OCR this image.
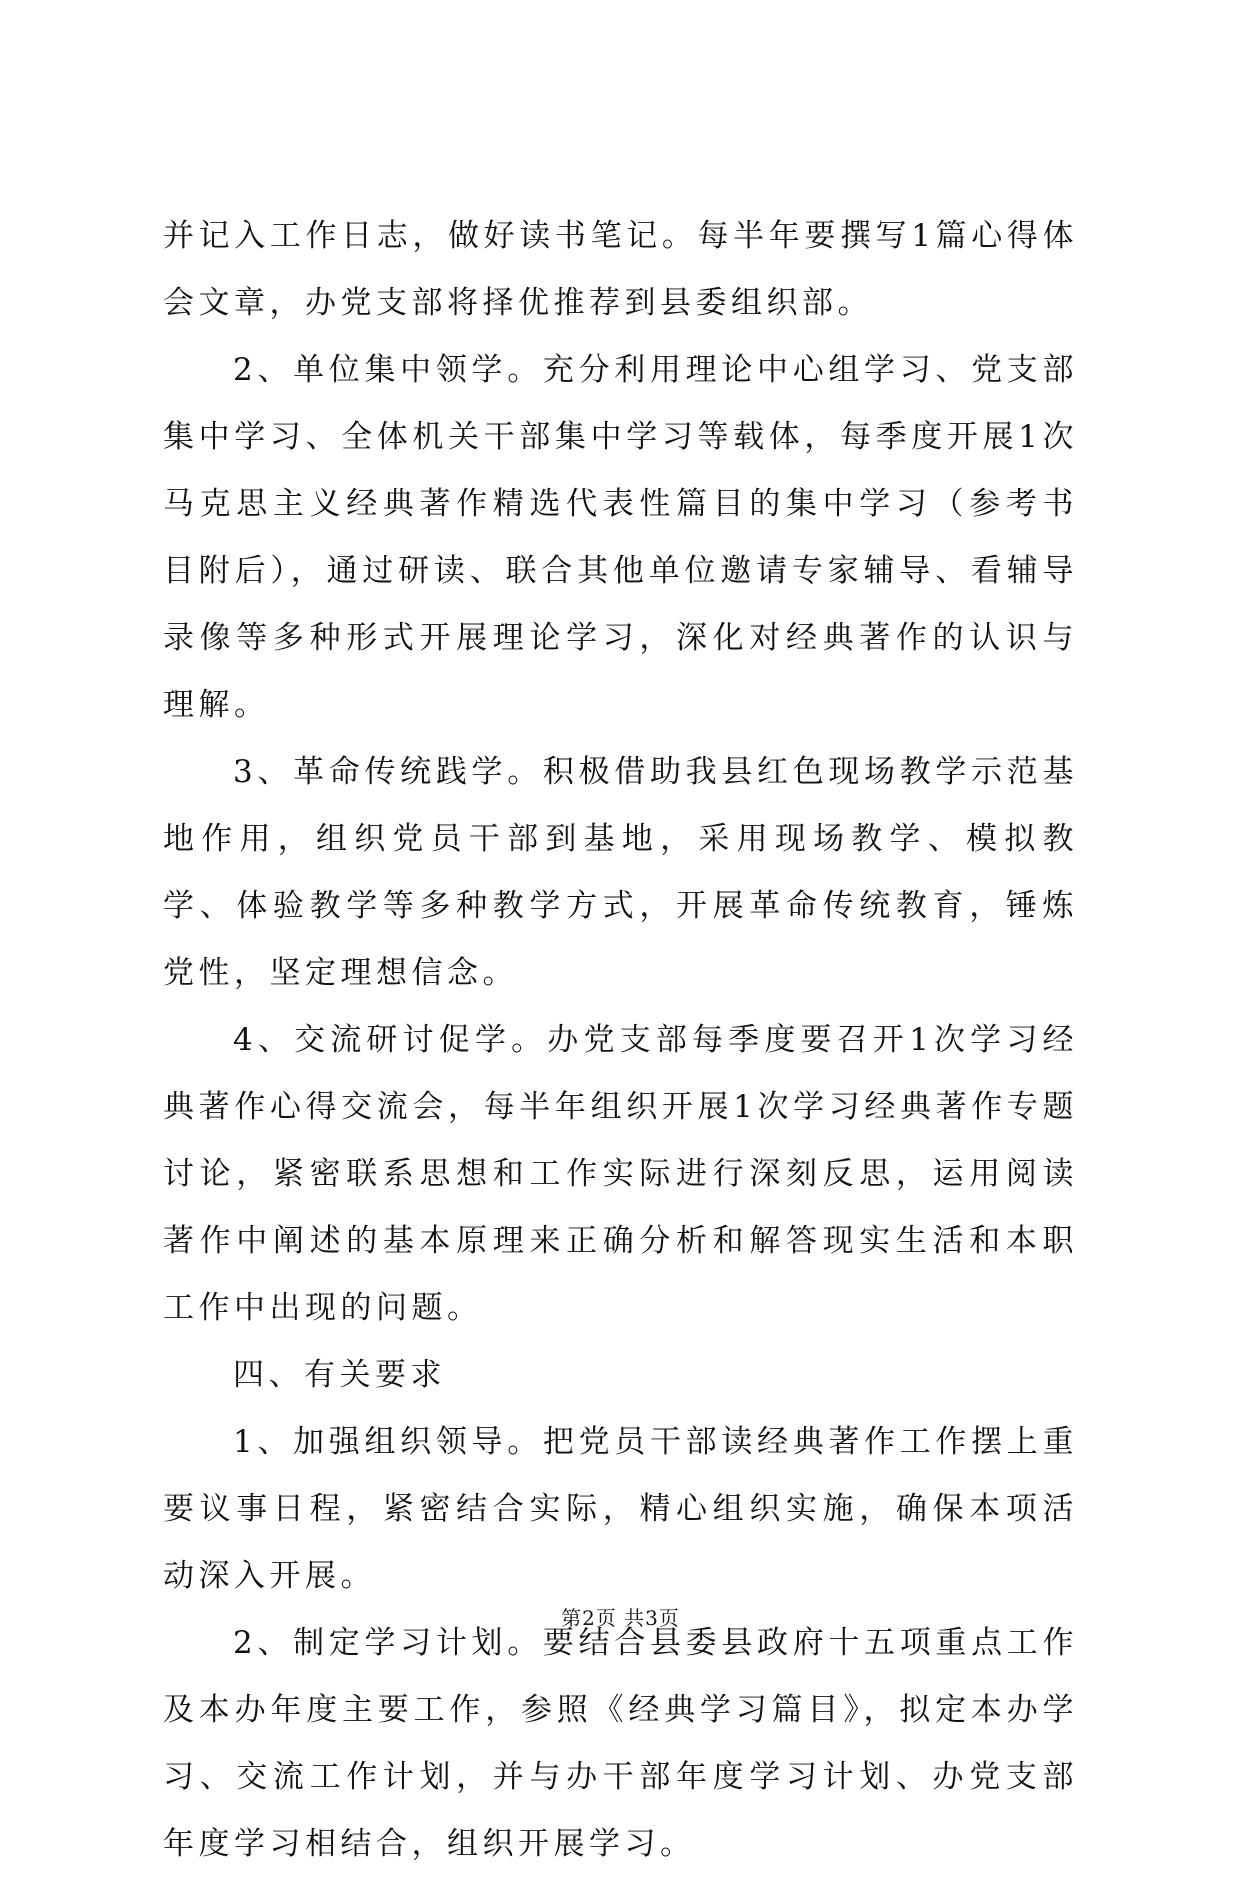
并记入工作日志，做好读书笔记。每半年要撰写1篇心得体会文章，办党支部将择优推荐到县委组织部。

2、单位集中领学。充分利用理论中心组学习、党支部集中学习、全体机关干部集中学习等载体，每季度开展1次马克思主义经典著作精选代表性篇目的集中学习（参考书目附后），通过研读、联合其他单位邀请专家辅导、看辅导录像等多种形式开展理论学习，深化对经典著作的认识与理解。

3、革命传统践学。积极借助我县红色现场教学示范基地作用，组织党员干部到基地，采用现场教学、模拟教学、体验教学等多种教学方式，开展革命传统教育，锤炼党性，坚定理想信念。

4、交流研讨促学。办党支部每季度要召开1次学习经典著作心得交流会，每半年组织开展1次学习经典著作专题讨论，紧密联系思想和工作实际进行深刻反思，运用阅读著作中阐述的基本原理来正确分析和解答现实生活和本职工作中出现的问题。

四、有关要求

1、加强组织领导。把党员干部读经典著作工作摆上重要议事日程，紧密结合实际，精心组织实施，确保本项活动深入开展。

2、制定学习计划。要结合县委县政府十五项重点工作及本办年度主要工作，参照《经典学习篇目》，拟定本办学习、交流工作计划，并与办干部年度学习计划、办党支部年度学习相结合，组织开展学习。

第2页 共3页
